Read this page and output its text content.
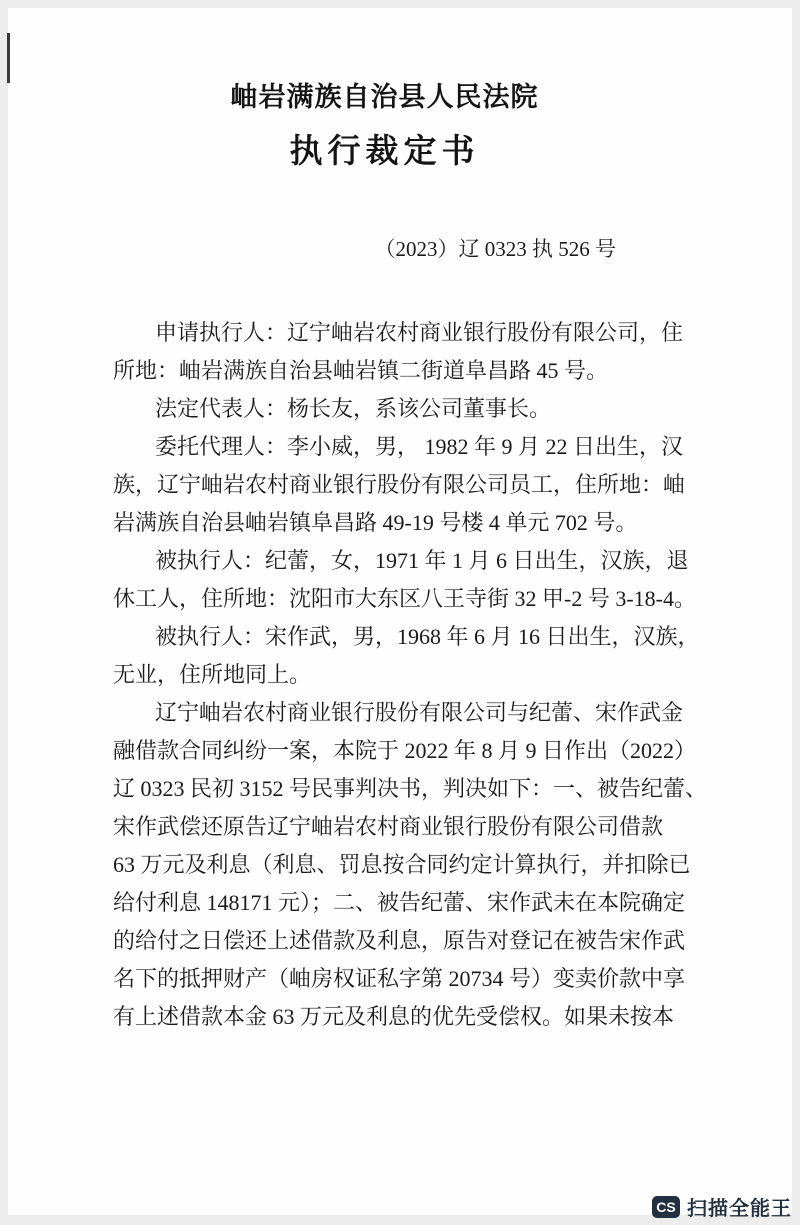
岫岩满族自治县人民法院
执行裁定书
（2023）辽 0323 执 526 号

申请执行人：辽宁岫岩农村商业银行股份有限公司，住
所地：岫岩满族自治县岫岩镇二街道阜昌路 45 号。

法定代表人：杨长友，系该公司董事长。

委托代理人：李小威，男， 1982 年 9 月 22 日出生，汉
族，辽宁岫岩农村商业银行股份有限公司员工，住所地：岫
岩满族自治县岫岩镇阜昌路 49-19 号楼 4 单元 702 号。

被执行人：纪蕾，女，1971 年 1 月 6 日出生，汉族，退
休工人，住所地：沈阳市大东区八王寺街 32 甲-2 号 3-18-4。

被执行人：宋作武，男，1968 年 6 月 16 日出生，汉族，
无业，住所地同上。

辽宁岫岩农村商业银行股份有限公司与纪蕾、宋作武金
融借款合同纠纷一案，本院于 2022 年 8 月 9 日作出（2022）
辽 0323 民初 3152 号民事判决书，判决如下：一、被告纪蕾、
宋作武偿还原告辽宁岫岩农村商业银行股份有限公司借款
63 万元及利息（利息、罚息按合同约定计算执行，并扣除已
给付利息 148171 元）；二、被告纪蕾、宋作武未在本院确定
的给付之日偿还上述借款及利息，原告对登记在被告宋作武
名下的抵押财产（岫房权证私字第 20734 号）变卖价款中享
有上述借款本金 63 万元及利息的优先受偿权。如果未按本

CS 扫描全能王
